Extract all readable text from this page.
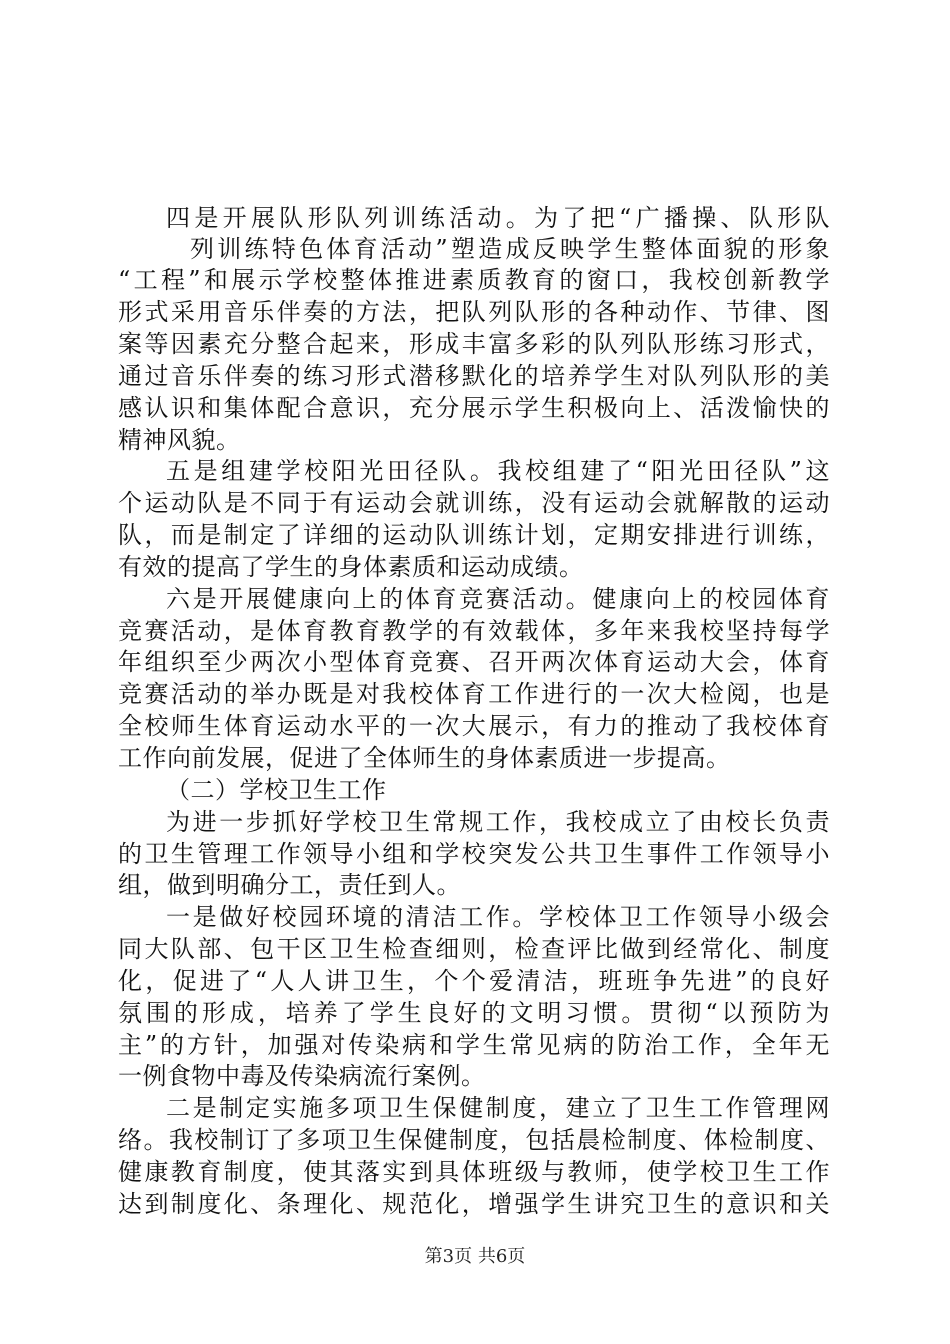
四是开展队形队列训练活动。为了把“广播操、队形队
列训练特色体育活动”塑造成反映学生整体面貌的形象
“工程”和展示学校整体推进素质教育的窗口，我校创新教学
形式采用音乐伴奏的方法，把队列队形的各种动作、节律、图
案等因素充分整合起来，形成丰富多彩的队列队形练习形式，
通过音乐伴奏的练习形式潜移默化的培养学生对队列队形的美
感认识和集体配合意识，充分展示学生积极向上、活泼愉快的
精神风貌。
五是组建学校阳光田径队。我校组建了“阳光田径队”这
个运动队是不同于有运动会就训练，没有运动会就解散的运动
队，而是制定了详细的运动队训练计划，定期安排进行训练，
有效的提高了学生的身体素质和运动成绩。
六是开展健康向上的体育竞赛活动。健康向上的校园体育
竞赛活动，是体育教育教学的有效载体，多年来我校坚持每学
年组织至少两次小型体育竞赛、召开两次体育运动大会，体育
竞赛活动的举办既是对我校体育工作进行的一次大检阅，也是
全校师生体育运动水平的一次大展示，有力的推动了我校体育
工作向前发展，促进了全体师生的身体素质进一步提高。
（二）学校卫生工作
为进一步抓好学校卫生常规工作，我校成立了由校长负责
的卫生管理工作领导小组和学校突发公共卫生事件工作领导小
组，做到明确分工，责任到人。
一是做好校园环境的清洁工作。学校体卫工作领导小级会
同大队部、包干区卫生检查细则，检查评比做到经常化、制度
化，促进了“人人讲卫生，个个爱清洁，班班争先进”的良好
氛围的形成，培养了学生良好的文明习惯。贯彻“以预防为
主”的方针，加强对传染病和学生常见病的防治工作，全年无
一例食物中毒及传染病流行案例。
二是制定实施多项卫生保健制度，建立了卫生工作管理网
络。我校制订了多项卫生保健制度，包括晨检制度、体检制度、
健康教育制度，使其落实到具体班级与教师，使学校卫生工作
达到制度化、条理化、规范化，增强学生讲究卫生的意识和关
第3页 共6页
